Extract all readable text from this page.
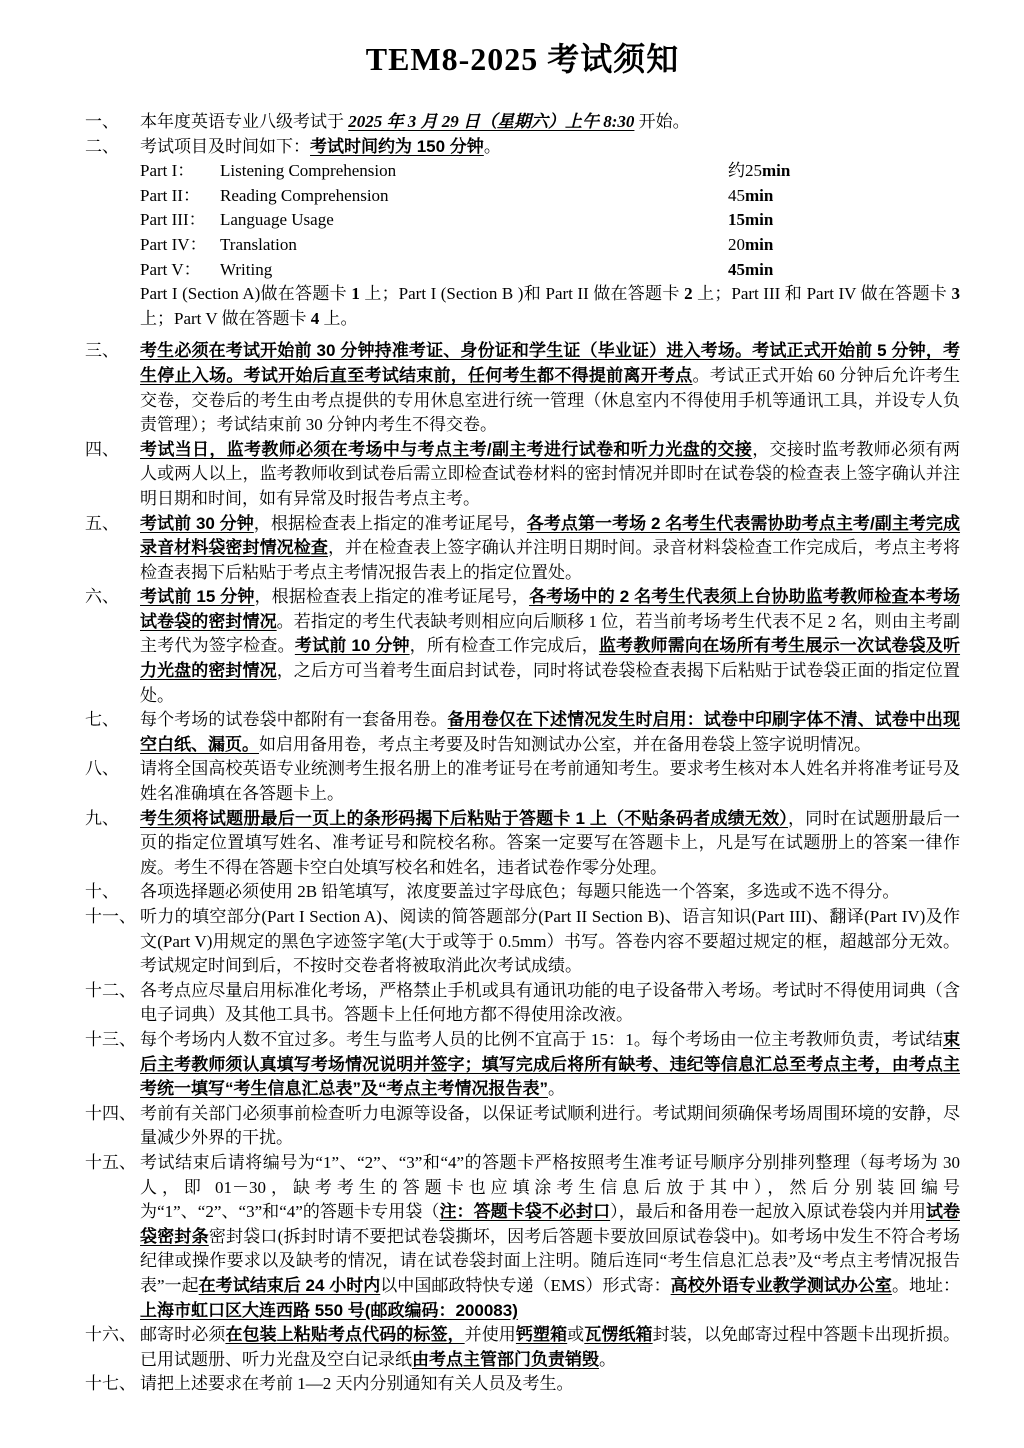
TEM8-2025 考试须知
一、	本年度英语专业八级考试于 2025 年 3 月 29 日（星期六）上午 8:30 开始。
二、	考试项目及时间如下：考试时间约为 150 分钟。
Part I：	Listening Comprehension	约25min
Part II：	Reading Comprehension	45min
Part III： Language Usage	15min
Part IV： Translation	20min
Part V：	Writing	45min
Part I (Section A)做在答题卡 1 上；Part I (Section B )和 Part II 做在答题卡 2 上；Part III 和 Part IV 做在答题卡 3 上；Part V 做在答题卡 4 上。
三、	考生必须在考试开始前 30 分钟持准考证、身份证和学生证（毕业证）进入考场。考试正式开始前 5 分钟，考生停止入场。考试开始后直至考试结束前，任何考生都不得提前离开考点。考试正式开始 60 分钟后允许考生交卷，交卷后的考生由考点提供的专用休息室进行统一管理（休息室内不得使用手机等通讯工具，并设专人负责管理）；考试结束前 30 分钟内考生不得交卷。
四、	考试当日，监考教师必须在考场中与考点主考/副主考进行试卷和听力光盘的交接，交接时监考教师必须有两人或两人以上，监考教师收到试卷后需立即检查试卷材料的密封情况并即时在试卷袋的检查表上签字确认并注明日期和时间，如有异常及时报告考点主考。
五、	考试前 30 分钟，根据检查表上指定的准考证尾号，各考点第一考场 2 名考生代表需协助考点主考/副主考完成录音材料袋密封情况检查，并在检查表上签字确认并注明日期时间。录音材料袋检查工作完成后，考点主考将检查表揭下后粘贴于考点主考情况报告表上的指定位置处。
六、	考试前 15 分钟，根据检查表上指定的准考证尾号，各考场中的 2 名考生代表须上台协助监考教师检查本考场试卷袋的密封情况。若指定的考生代表缺考则相应向后顺移 1 位，若当前考场考生代表不足 2 名，则由主考副主考代为签字检查。考试前 10 分钟，所有检查工作完成后，监考教师需向在场所有考生展示一次试卷袋及听力光盘的密封情况，之后方可当着考生面启封试卷，同时将试卷袋检查表揭下后粘贴于试卷袋正面的指定位置处。
七、	每个考场的试卷袋中都附有一套备用卷。备用卷仅在下述情况发生时启用：试卷中印刷字体不清、试卷中出现空白纸、漏页。如启用备用卷，考点主考要及时告知测试办公室，并在备用卷袋上签字说明情况。
八、	请将全国高校英语专业统测考生报名册上的准考证号在考前通知考生。要求考生核对本人姓名并将准考证号及姓名准确填在各答题卡上。
九、	考生须将试题册最后一页上的条形码揭下后粘贴于答题卡 1 上（不贴条码者成绩无效），同时在试题册最后一页的指定位置填写姓名、准考证号和院校名称。答案一定要写在答题卡上，凡是写在试题册上的答案一律作废。考生不得在答题卡空白处填写校名和姓名，违者试卷作零分处理。
十、	各项选择题必须使用 2B 铅笔填写，浓度要盖过字母底色；每题只能选一个答案，多选或不选不得分。
十一、 听力的填空部分(Part I Section A)、阅读的简答题部分(Part II Section B)、语言知识(Part III)、翻译(Part IV)及作文(Part V)用规定的黑色字迹签字笔(大于或等于 0.5mm）书写。答卷内容不要超过规定的框，超越部分无效。考试规定时间到后，不按时交卷者将被取消此次考试成绩。
十二、 各考点应尽量启用标准化考场，严格禁止手机或具有通讯功能的电子设备带入考场。考试时不得使用词典（含电子词典）及其他工具书。答题卡上任何地方都不得使用涂改液。
十三、 每个考场内人数不宜过多。考生与监考人员的比例不宜高于 15：1。每个考场由一位主考教师负责，考试结束后主考教师须认真填写考场情况说明并签字；填写完成后将所有缺考、违纪等信息汇总至考点主考，由考点主考统一填写“考生信息汇总表”及“考点主考情况报告表”。
十四、 考前有关部门必须事前检查听力电源等设备，以保证考试顺利进行。考试期间须确保考场周围环境的安静，尽量减少外界的干扰。
十五、 考试结束后请将编号为“1”、“2”、“3”和“4”的答题卡严格按照考生准考证号顺序分别排列整理（每考场为 30 人，即 01－30，缺考考生的答题卡也应填涂考生信息后放于其中），然后分别装回编号为“1”、“2”、“3”和“4”的答题卡专用袋（注：答题卡袋不必封口），最后和备用卷一起放入原试卷袋内并用试卷袋密封条密封袋口(拆封时请不要把试卷袋撕坏，因考后答题卡要放回原试卷袋中)。如考场中发生不符合考场纪律或操作要求以及缺考的情况，请在试卷袋封面上注明。随后连同“考生信息汇总表”及“考点主考情况报告表”一起在考试结束后 24 小时内以中国邮政特快专递（EMS）形式寄：高校外语专业教学测试办公室。地址：上海市虹口区大连西路 550 号(邮政编码：200083)
十六、 邮寄时必须在包装上粘贴考点代码的标签，并使用钙塑箱或瓦愣纸箱封装，以免邮寄过程中答题卡出现折损。已用试题册、听力光盘及空白记录纸由考点主管部门负责销毁。
十七、 请把上述要求在考前 1—2 天内分别通知有关人员及考生。
